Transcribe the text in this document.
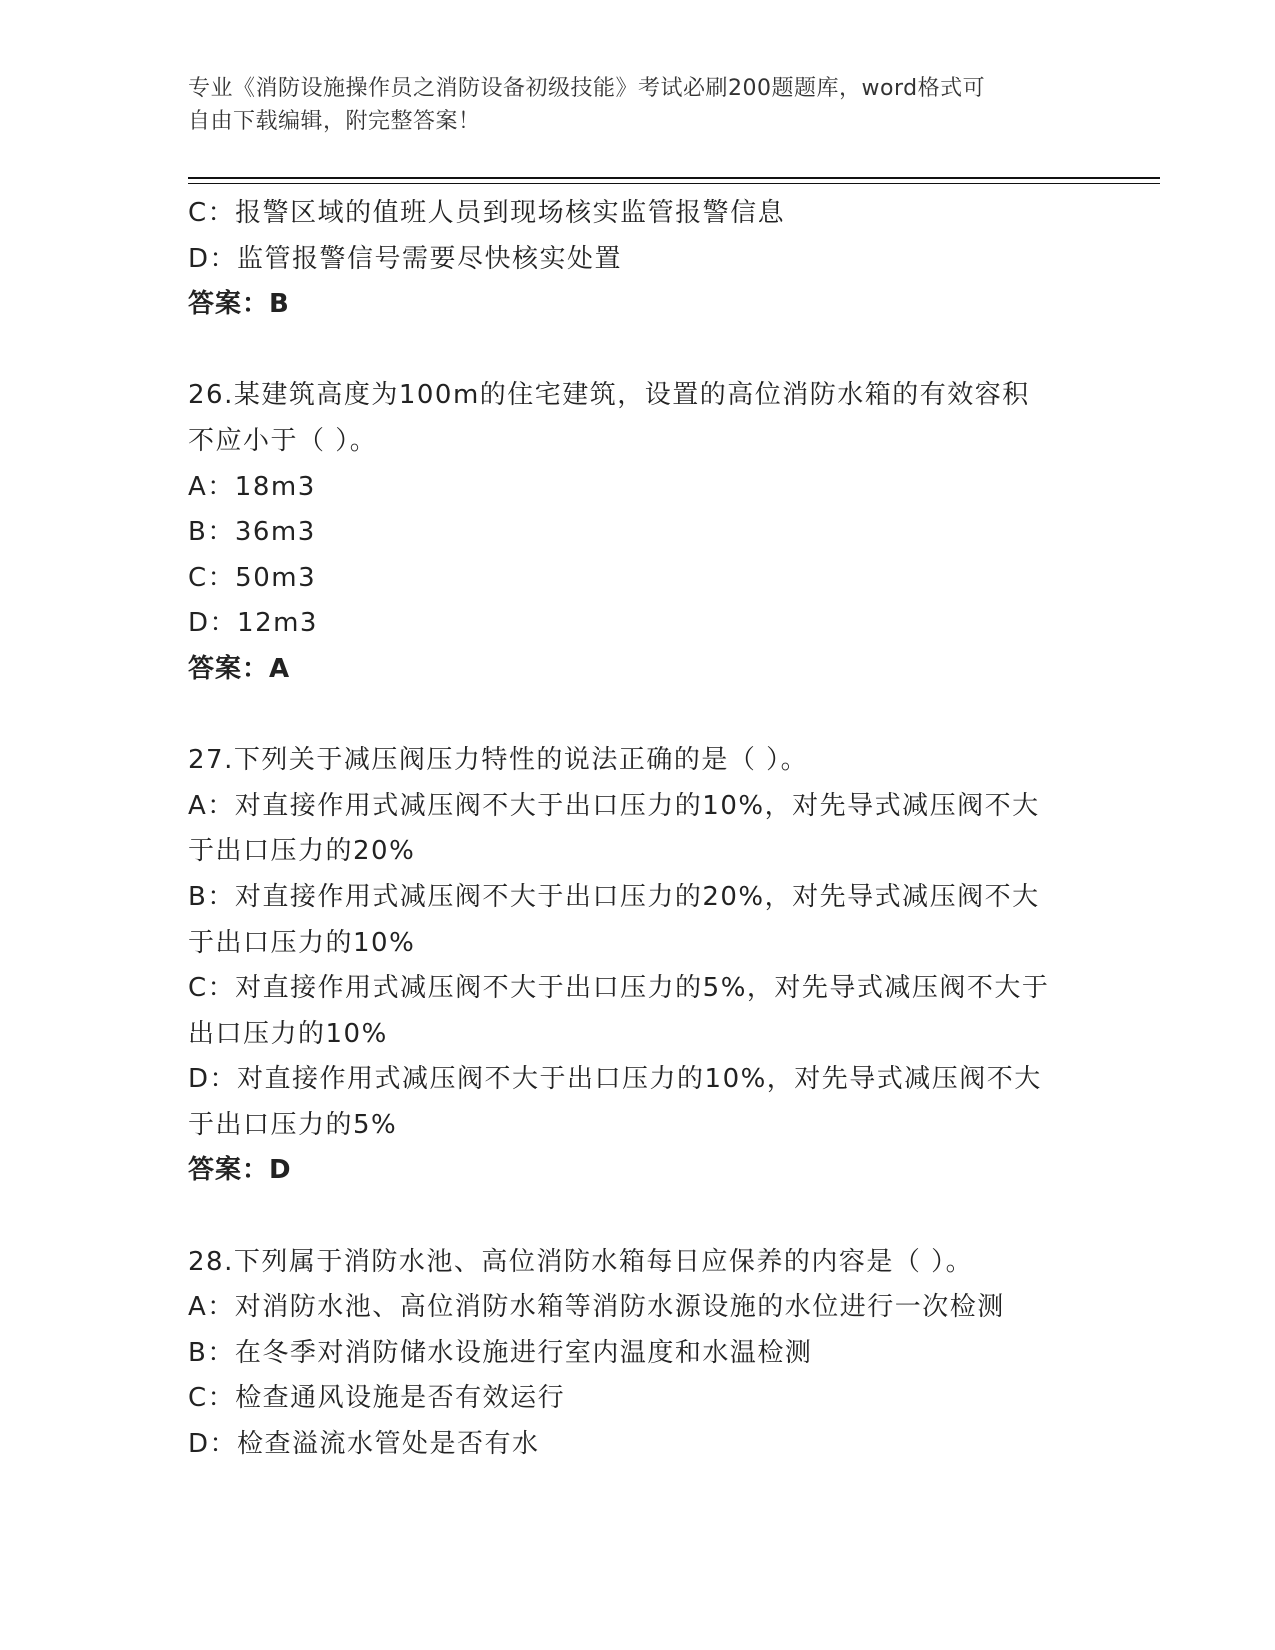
专业《消防设施操作员之消防设备初级技能》考试必刷200题题库，word格式可
自由下载编辑，附完整答案！
C：报警区域的值班人员到现场核实监管报警信息
D：监管报警信号需要尽快核实处置
答案：B
26.某建筑高度为100m的住宅建筑，设置的高位消防水箱的有效容积
不应小于（ ）。
A：18m3
B：36m3
C：50m3
D：12m3
答案：A
27.下列关于减压阀压力特性的说法正确的是（ ）。
A：对直接作用式减压阀不大于出口压力的10%，对先导式减压阀不大
于出口压力的20%
B：对直接作用式减压阀不大于出口压力的20%，对先导式减压阀不大
于出口压力的10%
C：对直接作用式减压阀不大于出口压力的5%，对先导式减压阀不大于
出口压力的10%
D：对直接作用式减压阀不大于出口压力的10%，对先导式减压阀不大
于出口压力的5%
答案：D
28.下列属于消防水池、高位消防水箱每日应保养的内容是（ ）。
A：对消防水池、高位消防水箱等消防水源设施的水位进行一次检测
B：在冬季对消防储水设施进行室内温度和水温检测
C：检查通风设施是否有效运行
D：检查溢流水管处是否有水
